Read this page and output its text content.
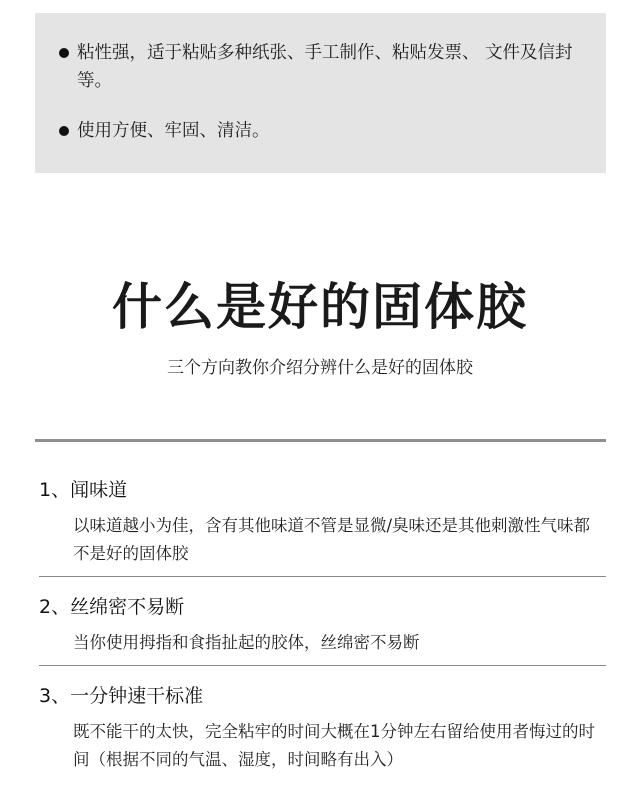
粘性强，适于粘贴多种纸张、手工制作、粘贴发票、 文件及信封等。
使用方便、牢固、清洁。
什么是好的固体胶
三个方向教你介绍分辨什么是好的固体胶
1、闻味道
以味道越小为佳，含有其他味道不管是显微/臭味还是其他刺激性气味都不是好的固体胶
2、丝绵密不易断
当你使用拇指和食指扯起的胶体，丝绵密不易断
3、一分钟速干标准
既不能干的太快，完全粘牢的时间大概在1分钟左右留给使用者悔过的时间（根据不同的气温、湿度，时间略有出入）
